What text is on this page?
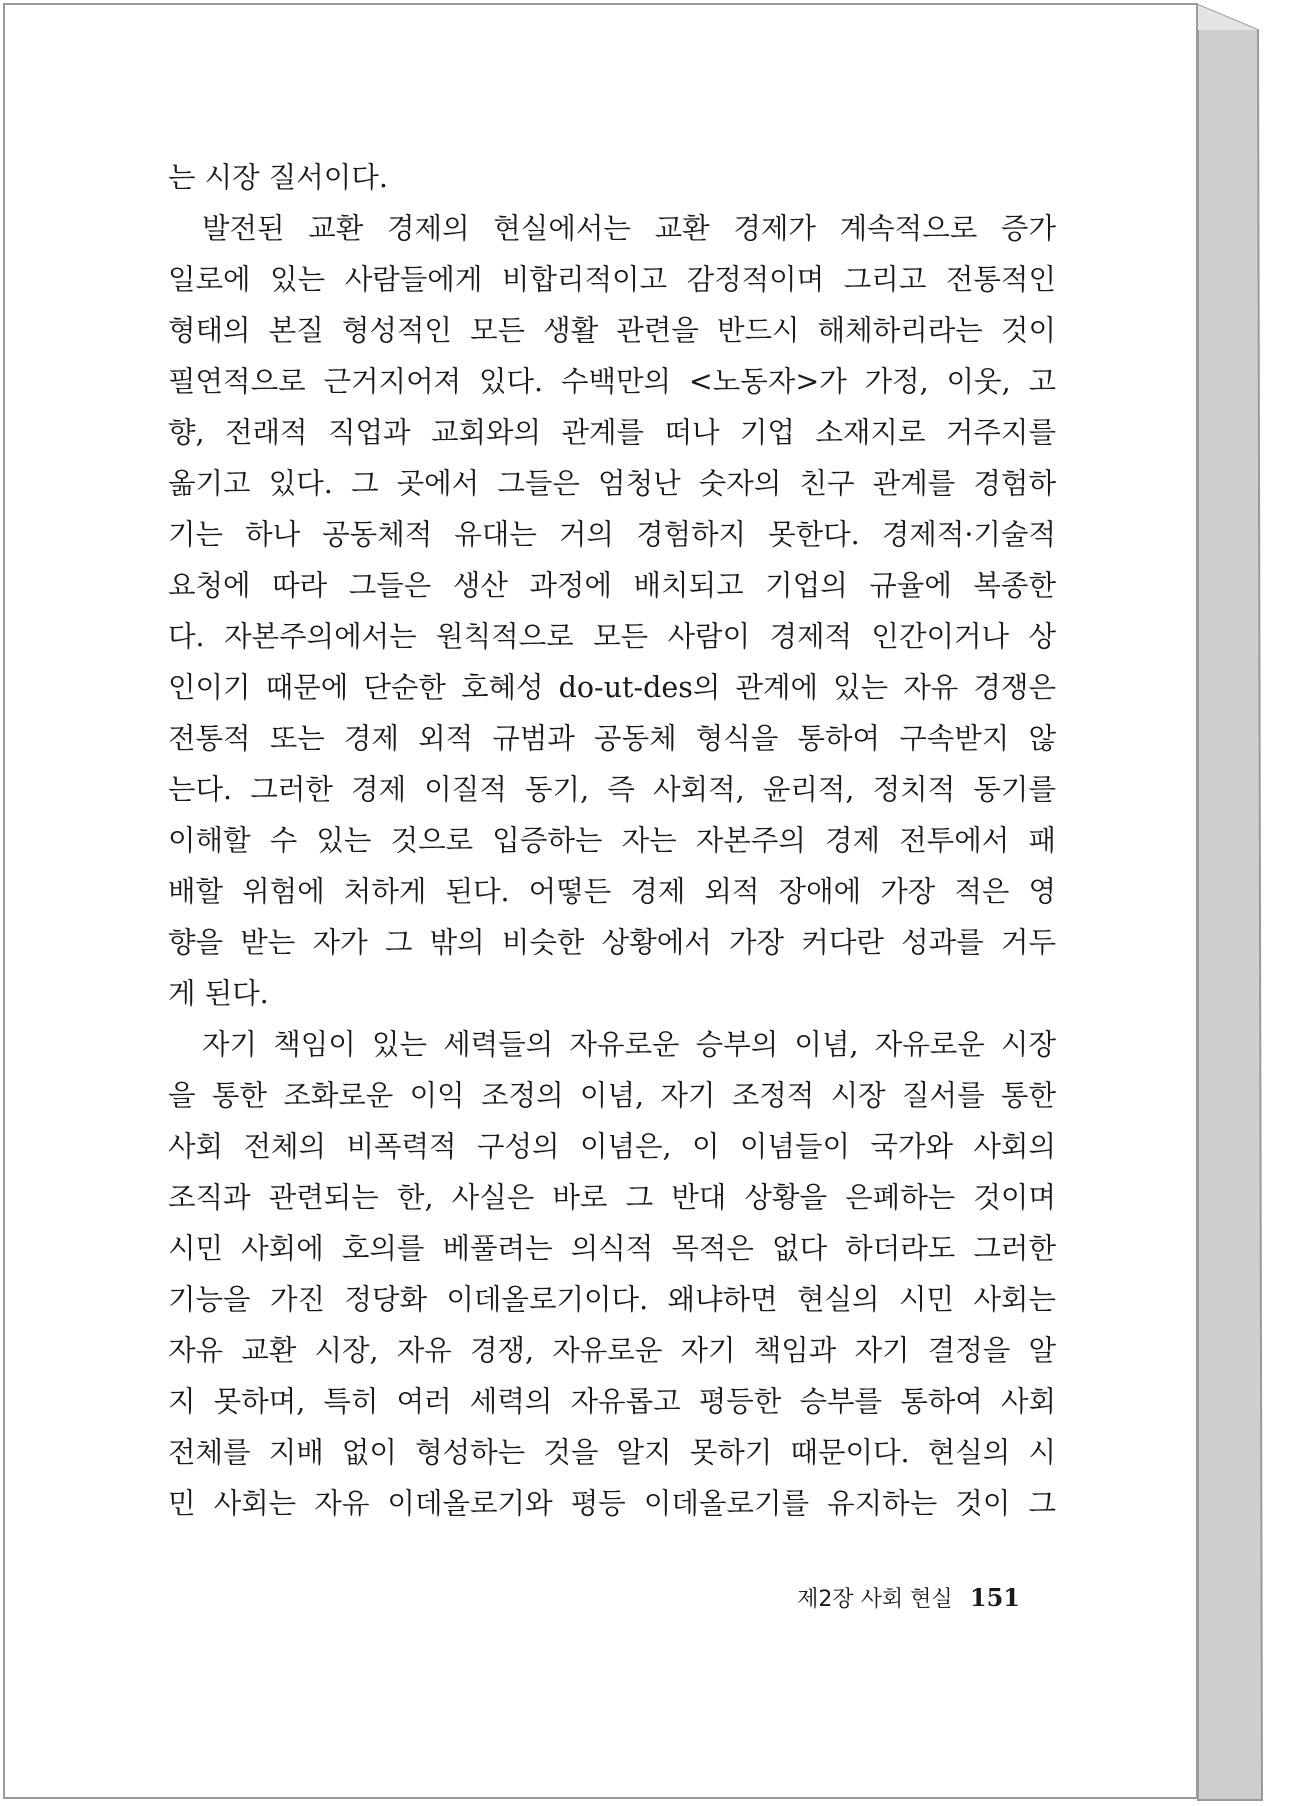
는 시장 질서이다.
발전된 교환 경제의 현실에서는 교환 경제가 계속적으로 증가
일로에 있는 사람들에게 비합리적이고 감정적이며 그리고 전통적인
형태의 본질 형성적인 모든 생활 관련을 반드시 해체하리라는 것이
필연적으로 근거지어져 있다. 수백만의 <노동자>가 가정, 이웃, 고
향, 전래적 직업과 교회와의 관계를 떠나 기업 소재지로 거주지를
옮기고 있다. 그 곳에서 그들은 엄청난 숫자의 친구 관계를 경험하
기는 하나 공동체적 유대는 거의 경험하지 못한다. 경제적·기술적
요청에 따라 그들은 생산 과정에 배치되고 기업의 규율에 복종한
다. 자본주의에서는 원칙적으로 모든 사람이 경제적 인간이거나 상
인이기 때문에 단순한 호혜성 do-ut-des의 관계에 있는 자유 경쟁은
전통적 또는 경제 외적 규범과 공동체 형식을 통하여 구속받지 않
는다. 그러한 경제 이질적 동기, 즉 사회적, 윤리적, 정치적 동기를
이해할 수 있는 것으로 입증하는 자는 자본주의 경제 전투에서 패
배할 위험에 처하게 된다. 어떻든 경제 외적 장애에 가장 적은 영
향을 받는 자가 그 밖의 비슷한 상황에서 가장 커다란 성과를 거두
게 된다.
자기 책임이 있는 세력들의 자유로운 승부의 이념, 자유로운 시장
을 통한 조화로운 이익 조정의 이념, 자기 조정적 시장 질서를 통한
사회 전체의 비폭력적 구성의 이념은, 이 이념들이 국가와 사회의
조직과 관련되는 한, 사실은 바로 그 반대 상황을 은폐하는 것이며
시민 사회에 호의를 베풀려는 의식적 목적은 없다 하더라도 그러한
기능을 가진 정당화 이데올로기이다. 왜냐하면 현실의 시민 사회는
자유 교환 시장, 자유 경쟁, 자유로운 자기 책임과 자기 결정을 알
지 못하며, 특히 여러 세력의 자유롭고 평등한 승부를 통하여 사회
전체를 지배 없이 형성하는 것을 알지 못하기 때문이다. 현실의 시
민 사회는 자유 이데올로기와 평등 이데올로기를 유지하는 것이 그
제2장 사회 현실 151
